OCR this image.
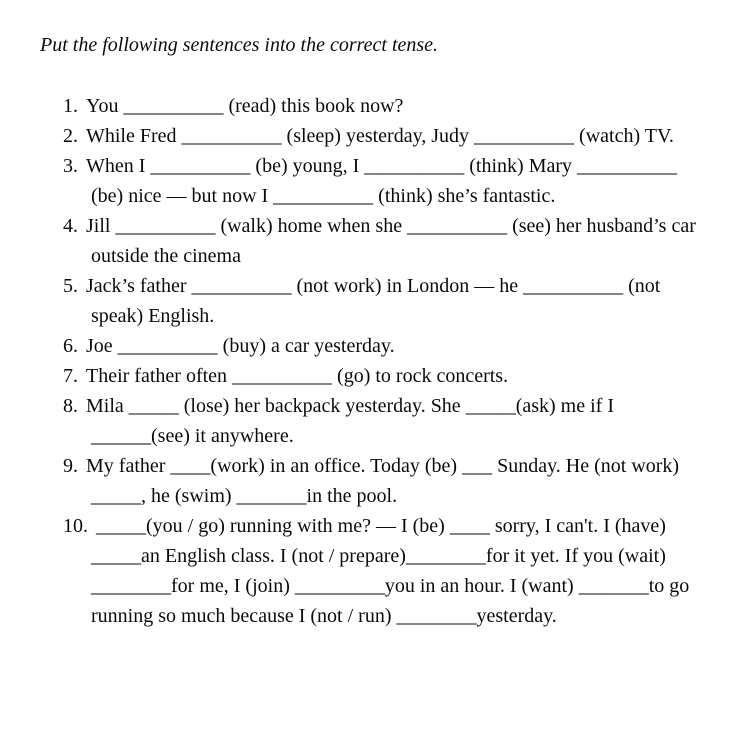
Put the following sentences into the correct tense.

1. You __________ (read) this book now?
2. While Fred __________ (sleep) yesterday, Judy __________ (watch) TV.
3. When I __________ (be) young, I __________ (think) Mary __________ (be) nice — but now I __________ (think) she’s fantastic.
4. Jill __________ (walk) home when she __________ (see) her husband’s car outside the cinema
5. Jack’s father __________ (not work) in London — he __________ (not speak) English.
6. Joe __________ (buy) a car yesterday.
7. Their father often __________ (go) to rock concerts.
8. Mila _____ (lose) her backpack yesterday. She _____(ask) me if I ______(see) it anywhere.
9. My father ____(work) in an office. Today (be) ___ Sunday. He (not work) _____, he (swim) _______in the pool.
10. _____(you / go) running with me? — I (be) ____ sorry, I can't. I (have) _____an English class. I (not / prepare)________for it yet. If you (wait) ________for me, I (join) _________you in an hour. I (want) _______to go running so much because I (not / run) ________yesterday.
